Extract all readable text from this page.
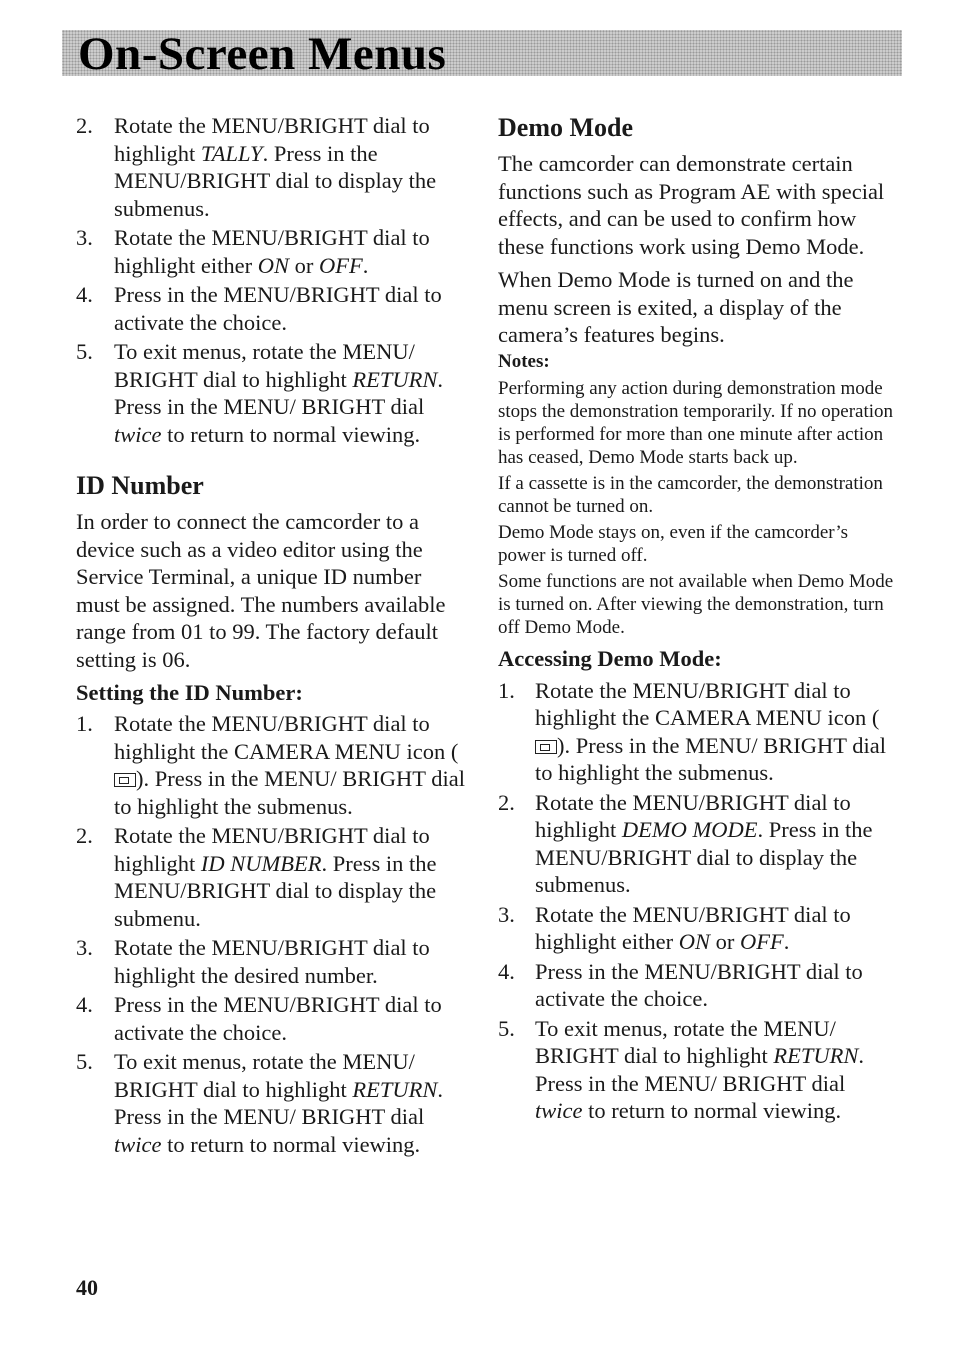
On-Screen Menus
2. Rotate the MENU/BRIGHT dial to highlight TALLY. Press in the MENU/BRIGHT dial to display the submenus.
3. Rotate the MENU/BRIGHT dial to highlight either ON or OFF.
4. Press in the MENU/BRIGHT dial to activate the choice.
5. To exit menus, rotate the MENU/ BRIGHT dial to highlight RETURN. Press in the MENU/ BRIGHT dial twice to return to normal viewing.
ID Number

In order to connect the camcorder to a device such as a video editor using the Service Terminal, a unique ID number must be assigned. The numbers available range from 01 to 99. The factory default setting is 06.

Setting the ID Number:
1. Rotate the MENU/BRIGHT dial to highlight the CAMERA MENU icon (). Press in the MENU/ BRIGHT dial to highlight the submenus.
2. Rotate the MENU/BRIGHT dial to highlight ID NUMBER. Press in the MENU/BRIGHT dial to display the submenu.
3. Rotate the MENU/BRIGHT dial to highlight the desired number.
4. Press in the MENU/BRIGHT dial to activate the choice.
5. To exit menus, rotate the MENU/ BRIGHT dial to highlight RETURN. Press in the MENU/ BRIGHT dial twice to return to normal viewing.
Demo Mode

The camcorder can demonstrate certain functions such as Program AE with special effects, and can be used to confirm how these functions work using Demo Mode.

When Demo Mode is turned on and the menu screen is exited, a display of the camera’s features begins.

Notes:

Performing any action during demonstration mode stops the demonstration temporarily. If no operation is performed for more than one minute after action has ceased, Demo Mode starts back up.

If a cassette is in the camcorder, the demonstration cannot be turned on.

Demo Mode stays on, even if the camcorder’s power is turned off.

Some functions are not available when Demo Mode is turned on. After viewing the demonstration, turn off Demo Mode.

Accessing Demo Mode:
1. Rotate the MENU/BRIGHT dial to highlight the CAMERA MENU icon (). Press in the MENU/ BRIGHT dial to highlight the submenus.
2. Rotate the MENU/BRIGHT dial to highlight DEMO MODE. Press in the MENU/BRIGHT dial to display the submenus.
3. Rotate the MENU/BRIGHT dial to highlight either ON or OFF.
4. Press in the MENU/BRIGHT dial to activate the choice.
5. To exit menus, rotate the MENU/ BRIGHT dial to highlight RETURN. Press in the MENU/ BRIGHT dial twice to return to normal viewing.
40
